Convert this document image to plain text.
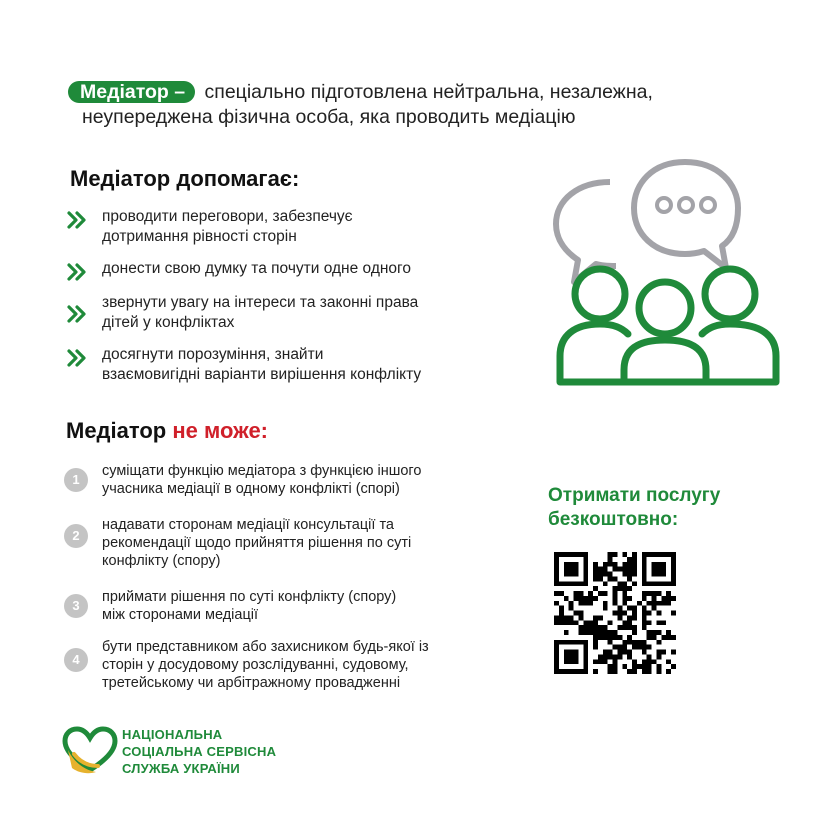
Медіатор – спеціально підготовлена нейтральна, незалежна,
неупереджена фізична особа, яка проводить медіацію
Медіатор допомагає:
проводити переговори, забезпечує
дотримання рівності сторін
донести свою думку та почути одне одного
звернути увагу на інтереси та законні права
дітей у конфліктах
досягнути порозуміння, знайти
взаємовигідні варіанти вирішення конфлікту
Медіатор не може:
1
суміщати функцію медіатора з функцією іншого
учасника медіації в одному конфлікті (спорі)
2
надавати сторонам медіації консультації та
рекомендації щодо прийняття рішення по суті
конфлікту (спору)
3
приймати рішення по суті конфлікту (спору)
між сторонами медіації
4
бути представником або захисником будь-якої із
сторін у досудовому розслідуванні, судовому,
третейському чи арбітражному провадженні
Отримати послугу
безкоштовно:
НАЦІОНАЛЬНА
СОЦІАЛЬНА СЕРВІСНА
СЛУЖБА УКРАЇНИ
